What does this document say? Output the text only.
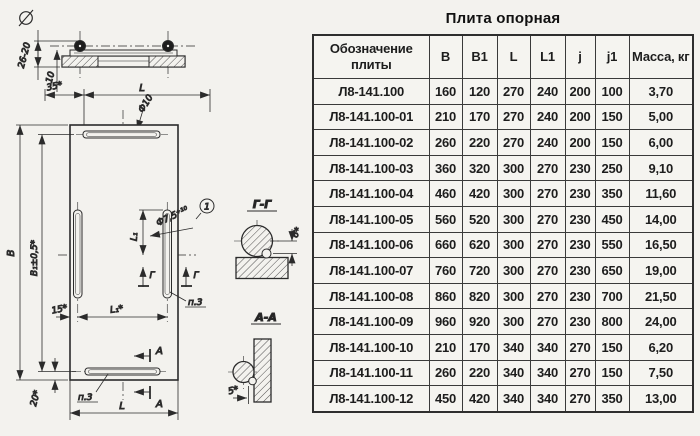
26-20
10
35*	L
Ф10
Г	Г
п.3
п.3
А
А
1
Ф7,5⁺¹⁰
B B₁±0,5*
15*	L₁*
L₁
L
20*
Г-Г
6*
А-А
5*
Плита опорная
Обозначение плиты	B	B1	L	L1	j	j1	Масса, кг
Л8-141.100	160	120	270	240	200	100	3,70
Л8-141.100-01	210	170	270	240	200	150	5,00
Л8-141.100-02	260	220	270	240	200	150	6,00
Л8-141.100-03	360	320	300	270	230	250	9,10
Л8-141.100-04	460	420	300	270	230	350	11,60
Л8-141.100-05	560	520	300	270	230	450	14,00
Л8-141.100-06	660	620	300	270	230	550	16,50
Л8-141.100-07	760	720	300	270	230	650	19,00
Л8-141.100-08	860	820	300	270	230	700	21,50
Л8-141.100-09	960	920	300	270	230	800	24,00
Л8-141.100-10	210	170	340	340	270	150	6,20
Л8-141.100-11	260	220	340	340	270	150	7,50
Л8-141.100-12	450	420	340	340	270	350	13,00
